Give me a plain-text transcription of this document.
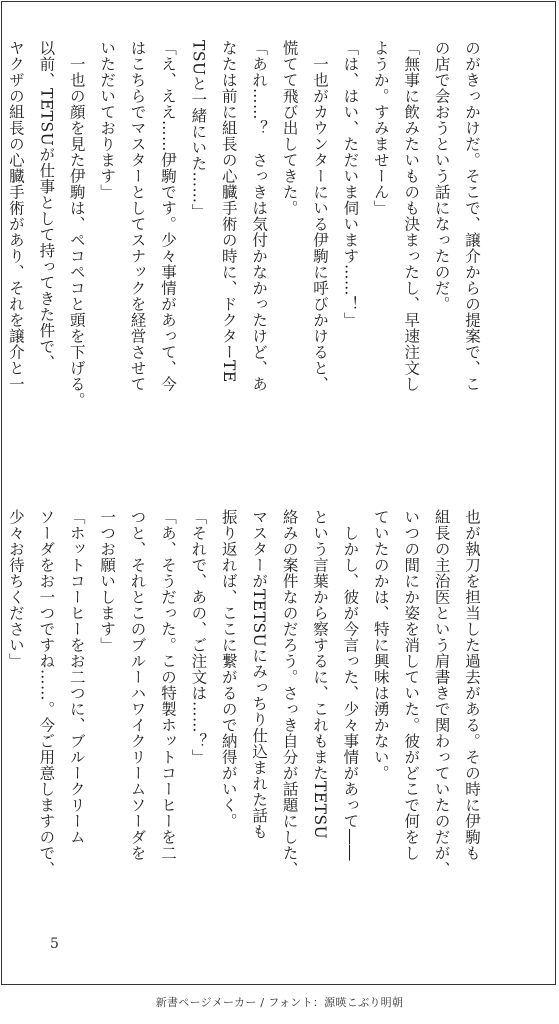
のがきっかけだ。そこで、譲介からの提案で、こ
の店で会おうという話になったのだ。
「無事に飲みたいものも決まったし、早速注文し
ようか。すみませーん」
「は、はい、ただいま伺います……！」
　一也がカウンターにいる伊駒に呼びかけると、
慌てて飛び出してきた。
「あれ……？　さっきは気付かなかったけど、あ
なたは前に組長の心臓手術の時に、ドクターTE
TSUと一緒にいた……」
「え、ええ……伊駒です。少々事情があって、今
はこちらでマスターとしてスナックを経営させて
いただいております」
　一也の顔を見た伊駒は、ペコペコと頭を下げる。
以前、TETSUが仕事として持ってきた件で、
ヤクザの組長の心臓手術があり、それを譲介と一
也が執刀を担当した過去がある。その時に伊駒も
組長の主治医という肩書きで関わっていたのだが、
いつの間にか姿を消していた。彼がどこで何をし
ていたのかは、特に興味は湧かない。
　しかし、彼が今言った、少々事情があって――
という言葉から察するに、これもまたTETSU
絡みの案件なのだろう。さっき自分が話題にした、
マスターがTETSUにみっちり仕込まれた話も
振り返れば、ここに繋がるので納得がいく。
「それで、あの、ご注文は……？」
「あ、そうだった。この特製ホットコーヒーを二
つと、それとこのブルーハワイクリームソーダを
一つお願いします」
「ホットコーヒーをお二つに、ブルークリーム
ソーダをお一つですね……。今ご用意しますので、
少々お待ちください」
5
新書ページメーカー / フォント：源暎こぶり明朝
